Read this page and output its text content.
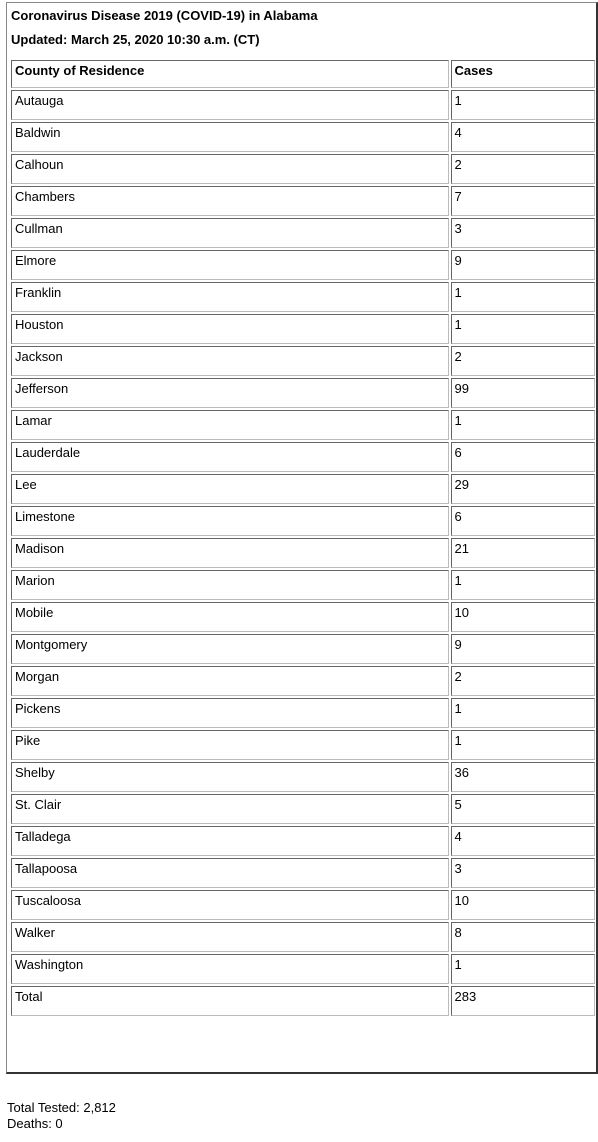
Coronavirus Disease 2019 (COVID-19) in Alabama
Updated: March 25, 2020 10:30 a.m. (CT)
County of Residence	Cases

Autauga	1

Baldwin	4

Calhoun	2

Chambers	7

Cullman	3

Elmore	9

Franklin	1

Houston	1

Jackson	2

Jefferson	99

Lamar	1

Lauderdale	6

Lee	29

Limestone	6

Madison	21

Marion	1

Mobile	10

Montgomery	9

Morgan	2

Pickens	1

Pike	1

Shelby	36

St. Clair	5

Talladega	4

Tallapoosa	3

Tuscaloosa	10

Walker	8

Washington	1

Total	283
Total Tested: 2,812
Deaths: 0
